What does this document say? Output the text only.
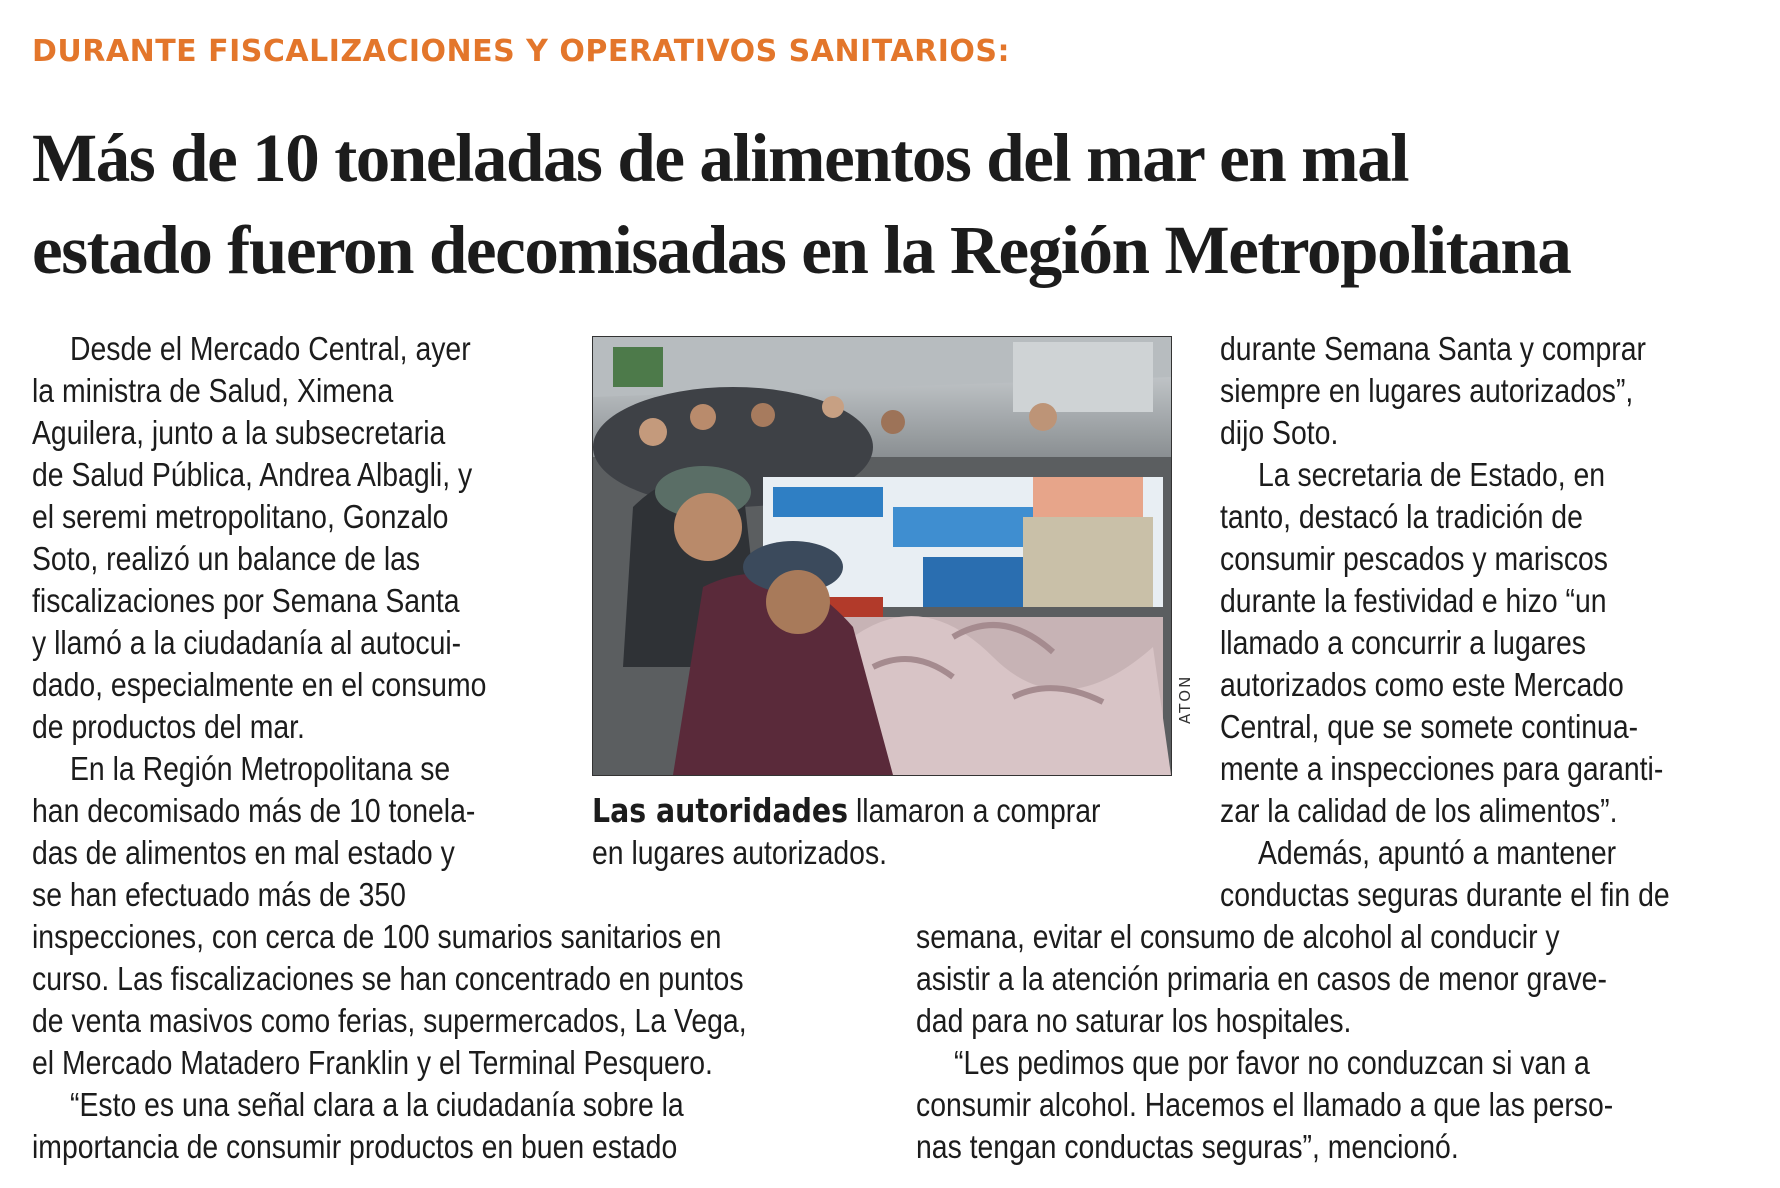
DURANTE FISCALIZACIONES Y OPERATIVOS SANITARIOS:
Más de 10 toneladas de alimentos del mar en mal
estado fueron decomisadas en la Región Metropolitana
Desde el Mercado Central, ayer
la ministra de Salud, Ximena
Aguilera, junto a la subsecretaria
de Salud Pública, Andrea Albagli, y
el seremi metropolitano, Gonzalo
Soto, realizó un balance de las
fiscalizaciones por Semana Santa
y llamó a la ciudadanía al autocui-
dado, especialmente en el consumo
de productos del mar.
En la Región Metropolitana se
han decomisado más de 10 tonela-
das de alimentos en mal estado y
se han efectuado más de 350
inspecciones, con cerca de 100 sumarios sanitarios en
curso. Las fiscalizaciones se han concentrado en puntos
de venta masivos como ferias, supermercados, La Vega,
el Mercado Matadero Franklin y el Terminal Pesquero.
“Esto es una señal clara a la ciudadanía sobre la
importancia de consumir productos en buen estado
ATON
Las autoridades llamaron a comprar
en lugares autorizados.
durante Semana Santa y comprar
siempre en lugares autorizados”,
dijo Soto.
La secretaria de Estado, en
tanto, destacó la tradición de
consumir pescados y mariscos
durante la festividad e hizo “un
llamado a concurrir a lugares
autorizados como este Mercado
Central, que se somete continua-
mente a inspecciones para garanti-
zar la calidad de los alimentos”.
Además, apuntó a mantener
conductas seguras durante el fin de
semana, evitar el consumo de alcohol al conducir y
asistir a la atención primaria en casos de menor grave-
dad para no saturar los hospitales.
“Les pedimos que por favor no conduzcan si van a
consumir alcohol. Hacemos el llamado a que las perso-
nas tengan conductas seguras”, mencionó.
